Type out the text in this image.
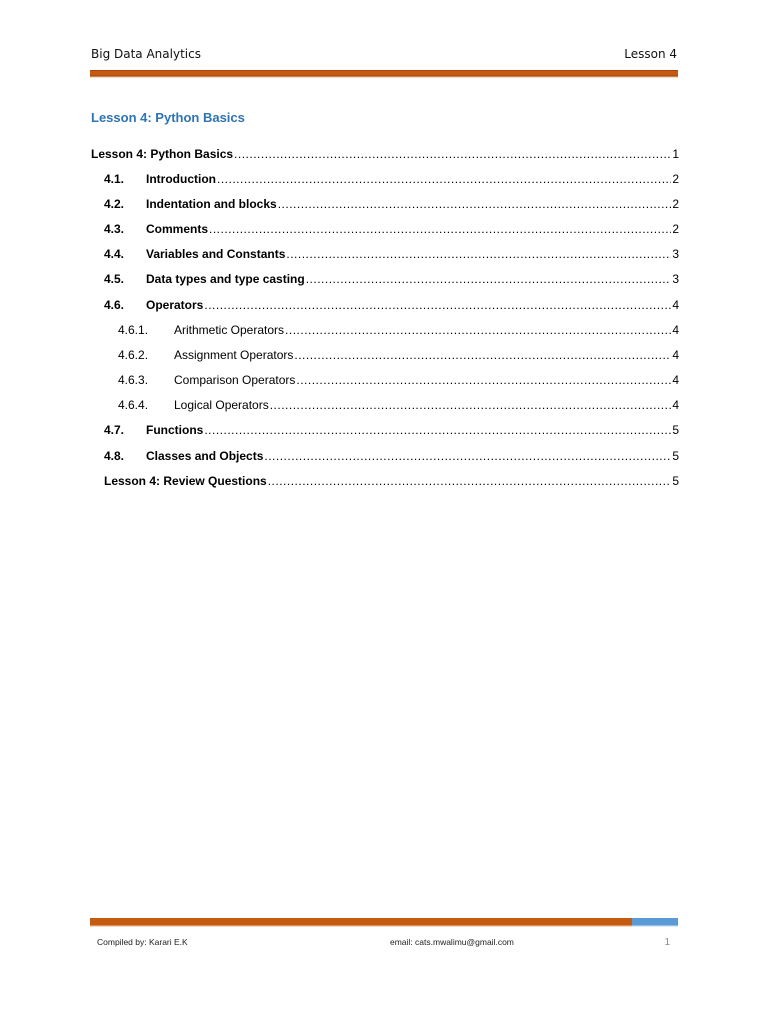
Big Data Analytics	Lesson 4
Lesson 4: Python Basics
Lesson 4: Python Basics .....	1
4.1.	Introduction .....	2
4.2.	Indentation and blocks .....	2
4.3.	Comments .....	2
4.4.	Variables and Constants .....	3
4.5.	Data types and type casting .....	3
4.6.	Operators .....	4
4.6.1.	Arithmetic Operators .....	4
4.6.2.	Assignment Operators .....	4
4.6.3.	Comparison Operators .....	4
4.6.4.	Logical Operators .....	4
4.7.	Functions .....	5
4.8.	Classes and Objects .....	5
Lesson 4: Review Questions .....	5
Compiled by: Karari E.K	email: cats.mwalimu@gmail.com	1
